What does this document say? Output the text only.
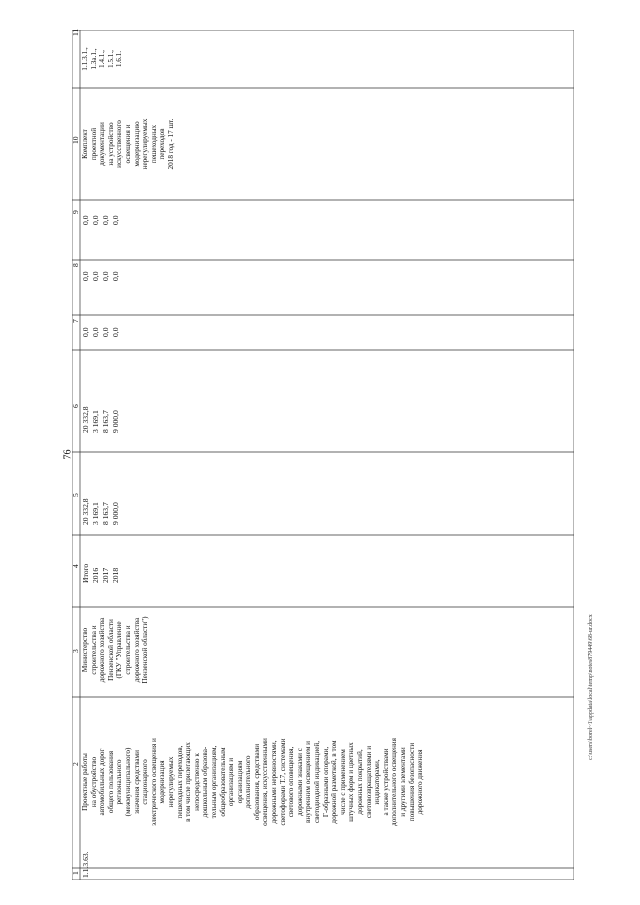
76
c:\users\borel~1\appdata\local\temp\notes879449\68-ur.docx
11
10
9
8
7
6
5
4
3
2
1 1.1.3.63.
Проектные работы на обустройство автомобильных дорог общего пользования регионального (межмуниципального) значения средствами стационарного электрического освещения и модернизация нерегулируемых пешеходных переходов, в том числе прилегающих непосредственно к дошкольным образова- тельным организациям, общеобразовательным организациям и организациям дополнительного образования, средствами освещения, искусственными дорожными неровностями, светофорами Т.7, системами светового оповещения, дорожными знаками с внутренним освещением и светодиодной индикацией, Г-образными опорами, дорожной разметкой, в том числе с применением штучных форм и цветных дорожных покрытий, световозвращателями и индикаторами, а также устройствами дополнительного освещения и другими элементами повышения безопасности дорожного движения
Министерство строительства и дорожного хозяйства Пензенской области (ГКУ "Управление строительства и дорожного хозяйства Пензенской области")
Итого 2016 2017 2018
20 332,8 3 169,1 8 163,7 9 000,0
20 332,8 3 169,1 8 163,7 9 000,0
0,0 0,0 0,0 0,0
0,0 0,0 0,0 0,0
0,0 0,0 0,0 0,0
Комплект проектной документации на устройство искусственного освещения и модернизацию нерегулируемых пешеходных переходов 2018 год - 17 шт.
1.1.3.1., 1.3а.1., 1.4.1., 1.5.1., 1.6.1.
